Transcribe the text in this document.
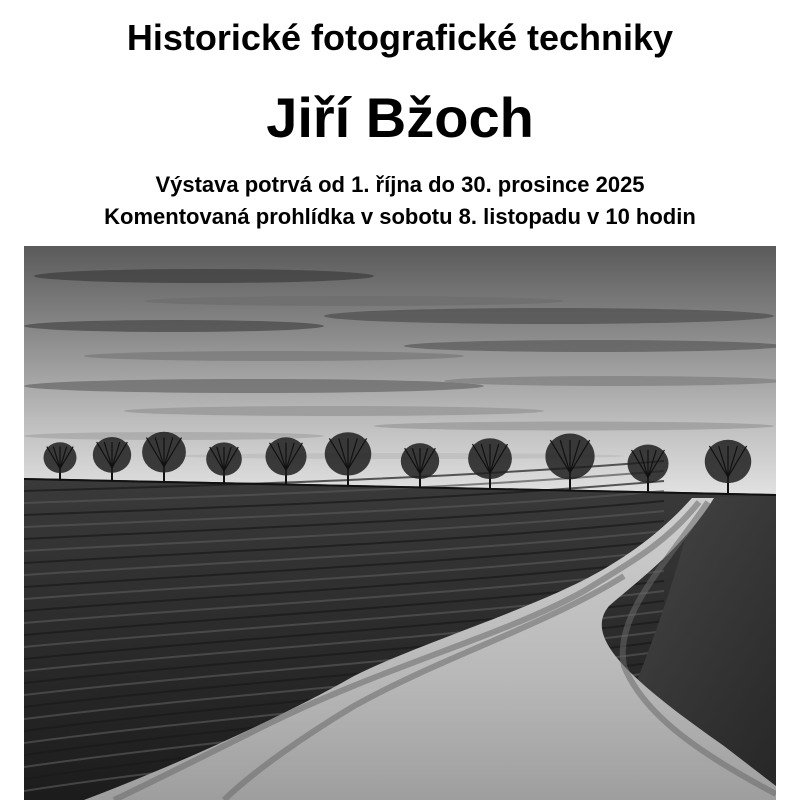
Historické fotografické techniky
Jiří Bžoch
Výstava potrvá od 1. října do 30. prosince 2025
Komentovaná prohlídka v sobotu 8. listopadu v 10 hodin
